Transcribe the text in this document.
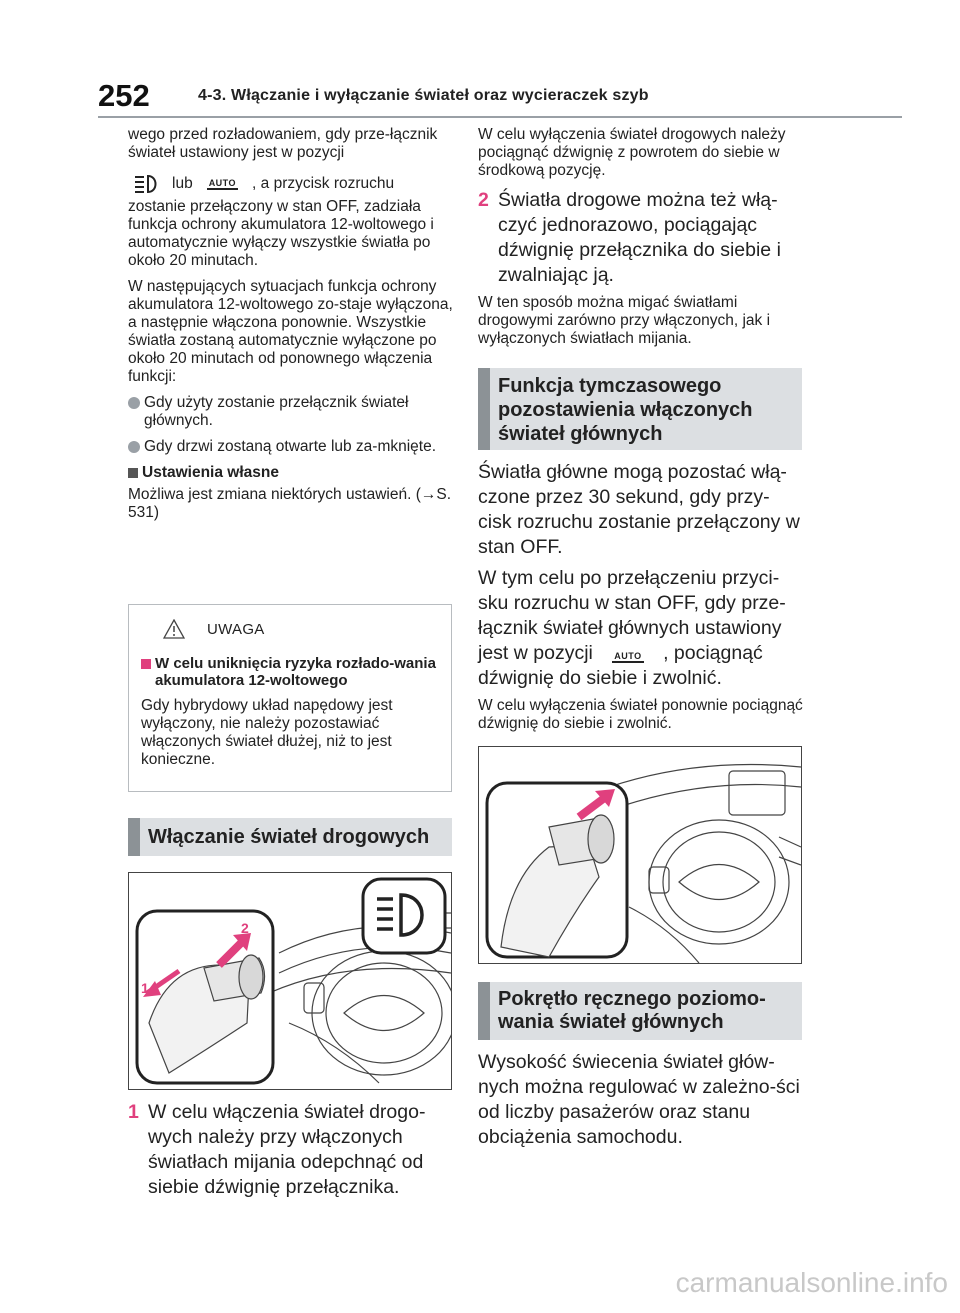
252	4-3. Włączanie i wyłączanie świateł oraz wycieraczek szyb

wego przed rozładowaniem, gdy prze-łącznik świateł ustawiony jest w pozycji

lub AUTO , a przycisk rozruchu

zostanie przełączony w stan OFF, zadziała funkcja ochrony akumulatora 12-woltowego i automatycznie wyłączy wszystkie światła po około 20 minutach.

W następujących sytuacjach funkcja ochrony akumulatora 12-woltowego zo-staje wyłączona, a następnie włączona ponownie. Wszystkie światła zostaną automatycznie wyłączone po około 20 minutach od ponownego włączenia funkcji:

Gdy użyty zostanie przełącznik świateł głównych.
Gdy drzwi zostaną otwarte lub za-mknięte.
Ustawienia własne

Możliwa jest zmiana niektórych ustawień. (→S. 531)

UWAGA
W celu uniknięcia ryzyka rozłado-wania akumulatora 12-woltowego

Gdy hybrydowy układ napędowy jest wyłączony, nie należy pozostawiać włączonych świateł dłużej, niż to jest konieczne.

Włączanie świateł drogowych
1
2
1 W celu włączenia świateł drogo-wych należy przy włączonych światłach mijania odepchnąć od siebie dźwignię przełącznika.

W celu wyłączenia świateł drogowych należy pociągnąć dźwignię z powrotem do siebie w środkową pozycję.

2 Światła drogowe można też włą-czyć jednorazowo, pociągając dźwignię przełącznika do siebie i zwalniając ją.

W ten sposób można migać światłami drogowymi zarówno przy włączonych, jak i wyłączonych światłach mijania.

Funkcja tymczasowego pozostawienia włączonych świateł głównych

Światła główne mogą pozostać włą-czone przez 30 sekund, gdy przy-cisk rozruchu zostanie przełączony w stan OFF.

W tym celu po przełączeniu przyci-sku rozruchu w stan OFF, gdy prze-łącznik świateł głównych ustawiony jest w pozycji AUTO , pociągnąć dźwignię do siebie i zwolnić.

W celu wyłączenia świateł ponownie pociągnąć dźwignię do siebie i zwolnić.

Pokrętło ręcznego poziomo-wania świateł głównych

Wysokość świecenia świateł głów-nych można regulować w zależno-ści od liczby pasażerów oraz stanu obciążenia samochodu.

carmanualsonline.info
